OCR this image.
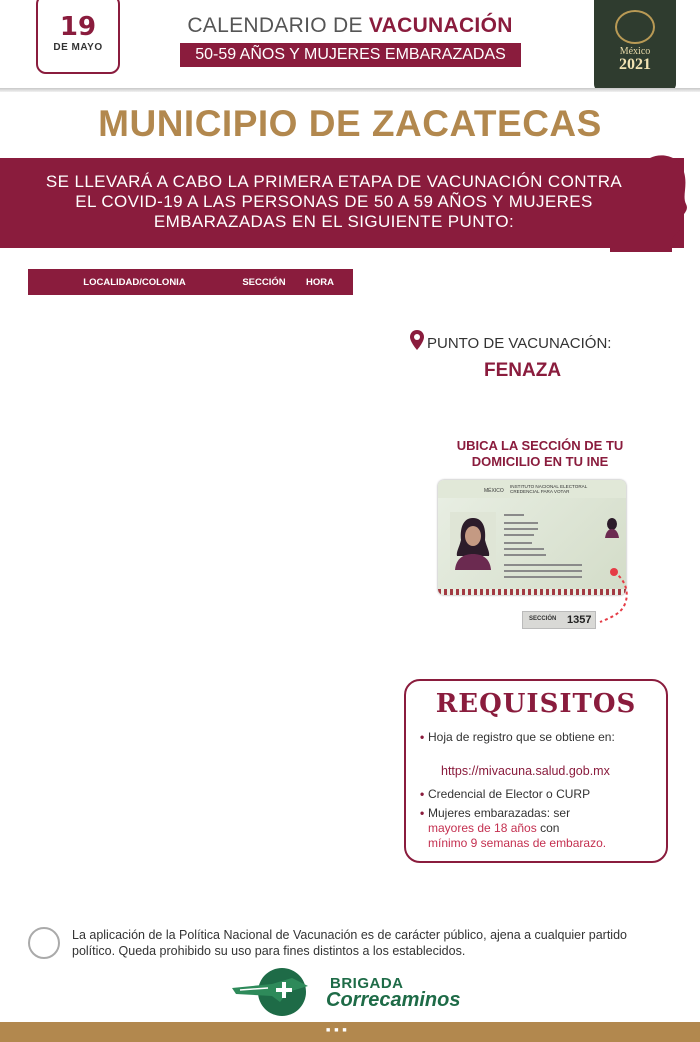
19
DE MAYO
CALENDARIO DE VACUNACIÓN
50-59 AÑOS Y MUJERES EMBARAZADAS	México
2021
MUNICIPIO DE ZACATECAS
SE LLEVARÁ A CABO LA PRIMERA ETAPA DE VACUNACIÓN CONTRA EL COVID-19 A LAS PERSONAS DE 50 A 59 AÑOS Y MUJERES EMBARAZADAS EN EL SIGUIENTE PUNTO:
LOCALIDAD/COLONIA	SECCIÓN	HORA
PUNTO DE VACUNACIÓN:
FENAZA
UBICA LA SECCIÓN DE TU DOMICILIO EN TU INE
MÉXICO
INSTITUTO NACIONAL ELECTORAL
CREDENCIAL PARA VOTAR
SECCIÓN 1357
REQUISITOS
• Hoja de registro que se obtiene en:
https://mivacuna.salud.gob.mx
• Credencial de Elector o CURP
• Mujeres embarazadas: ser
mayores de 18 años con
mínimo 9 semanas de embarazo.
La aplicación de la Política Nacional de Vacunación es de carácter público, ajena a cualquier partido político. Queda prohibido su uso para fines distintos a los establecidos.
BRIGADA
Correcaminos
■ ■ ■
